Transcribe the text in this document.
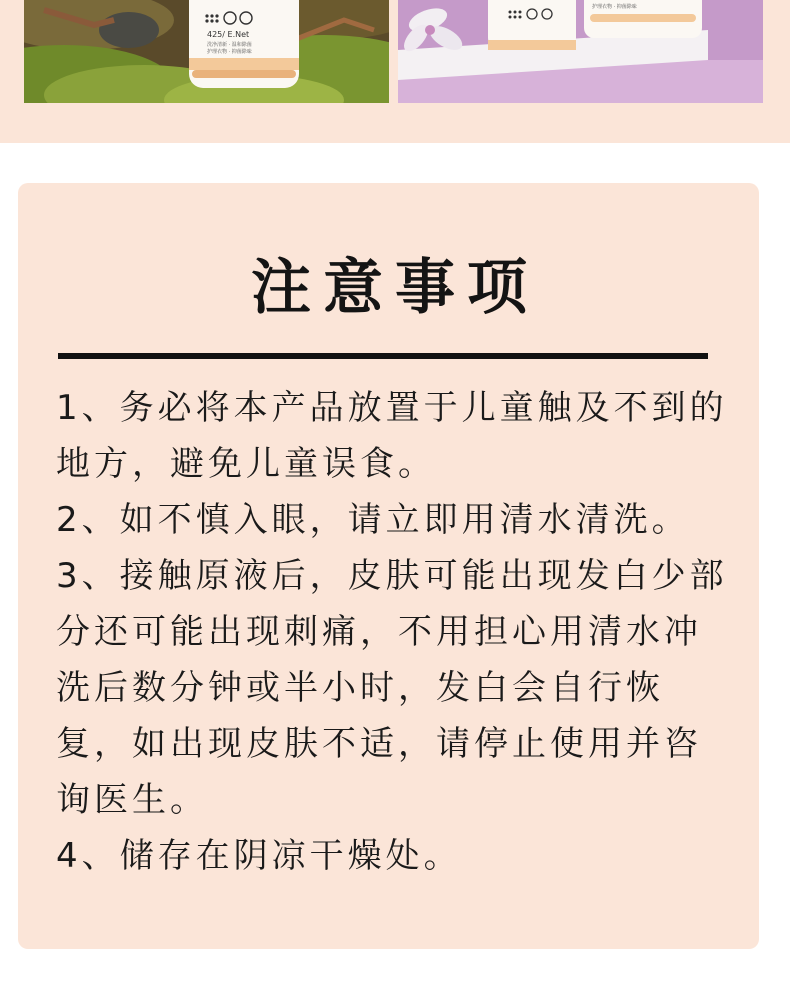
425/ E.Net
洗净清新 · 温和除菌
护理衣物 · 抑菌除味
护理衣物 · 抑菌除味
注意事项
1、务必将本产品放置于儿童触及不到的地方，避免儿童误食。
2、如不慎入眼，请立即用清水清洗。
3、接触原液后，皮肤可能出现发白少部分还可能出现刺痛，不用担心用清水冲洗后数分钟或半小时，发白会自行恢复，如出现皮肤不适，请停止使用并咨询医生。
4、储存在阴凉干燥处。
